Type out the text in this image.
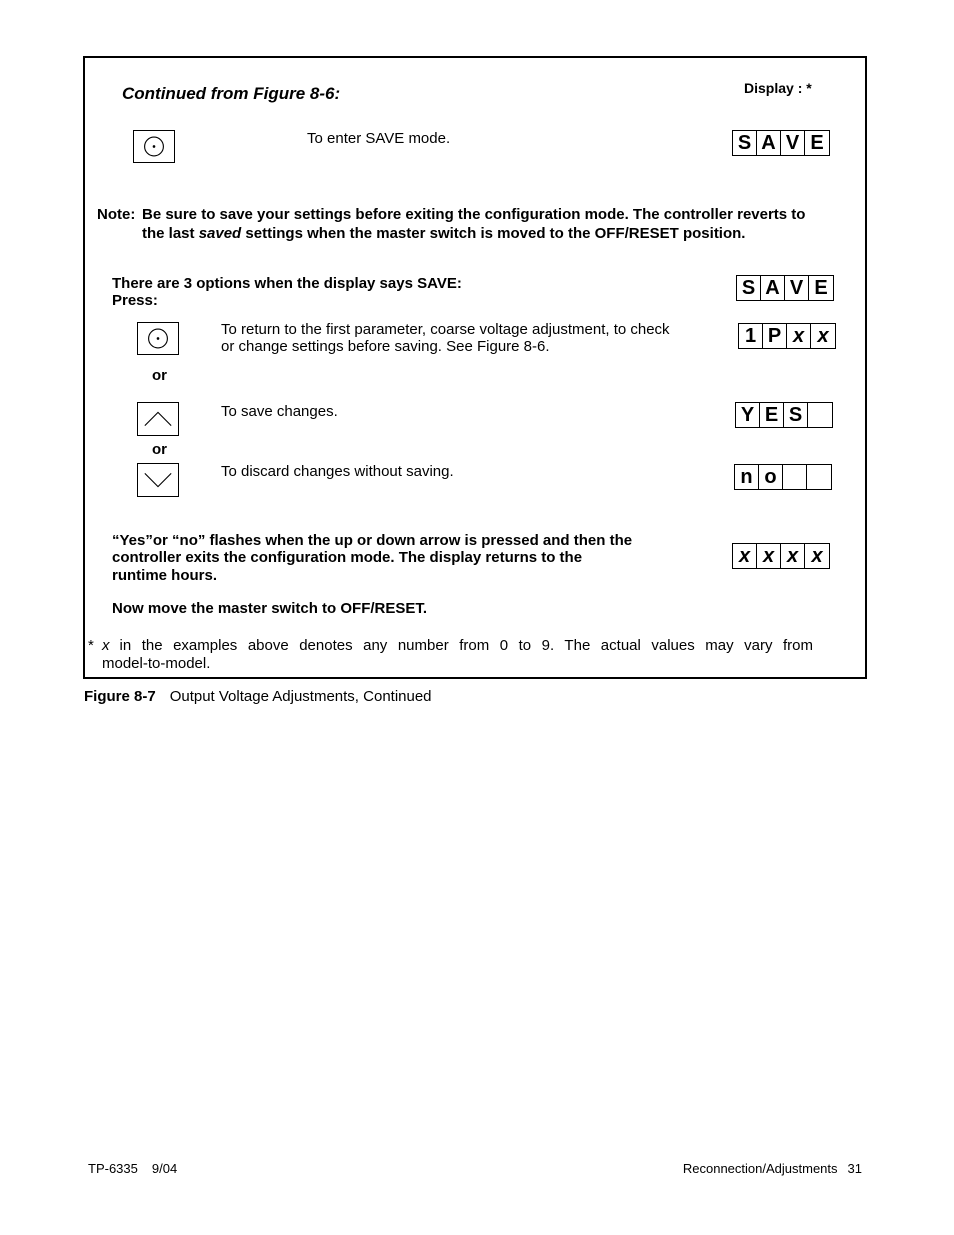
Continued from Figure 8-6:	Display : *
To enter SAVE mode.	S A V E
Note: Be sure to save your settings before exiting the configuration mode. The controller reverts to
the last saved settings when the master switch is moved to the OFF/RESET position.
There are 3 options when the display says SAVE:
Press:
S A V E
To return to the first parameter, coarse voltage adjustment, to check
or change settings before saving. See Figure 8-6.	1 P x x
or
To save changes.	Y E S
or
To discard changes without saving.	n o
“Yes”or “no” flashes when the up or down arrow is pressed and then the
controller exits the configuration mode. The display returns to the
runtime hours.
x x x x
Now move the master switch to OFF/RESET.
* x in the examples above denotes any number from 0 to 9. The actual values may vary from
model-to-model.
Figure 8-7 Output Voltage Adjustments, Continued
TP-6335 9/04	Reconnection/Adjustments 31
